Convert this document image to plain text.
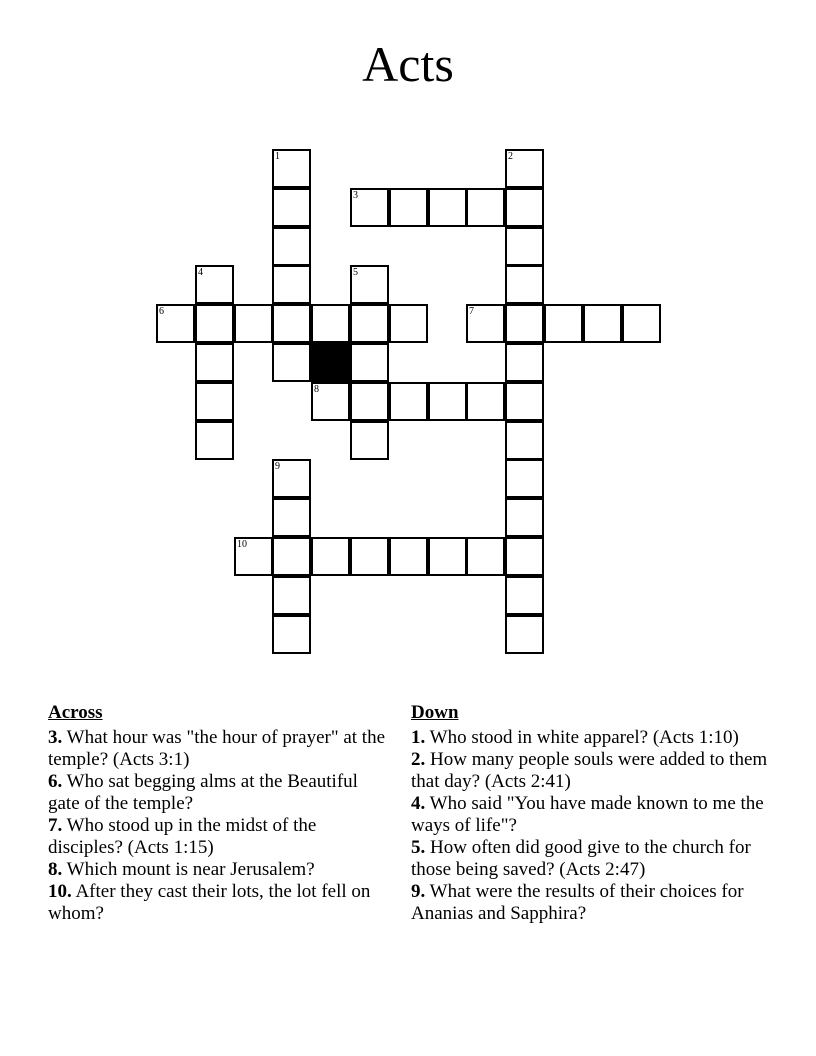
Acts
1	2
3
4	5
6	7
8
9
10
Across

3. What hour was "the hour of prayer" at the temple? (Acts 3:1)

6. Who sat begging alms at the Beautiful gate of the temple?

7. Who stood up in the midst of the disciples? (Acts 1:15)

8. Which mount is near Jerusalem?

10. After they cast their lots, the lot fell on whom?

Down

1. Who stood in white apparel? (Acts 1:10)

2. How many people souls were added to them that day? (Acts 2:41)

4. Who said "You have made known to me the ways of life"?

5. How often did good give to the church for those being saved? (Acts 2:47)

9. What were the results of their choices for Ananias and Sapphira?
